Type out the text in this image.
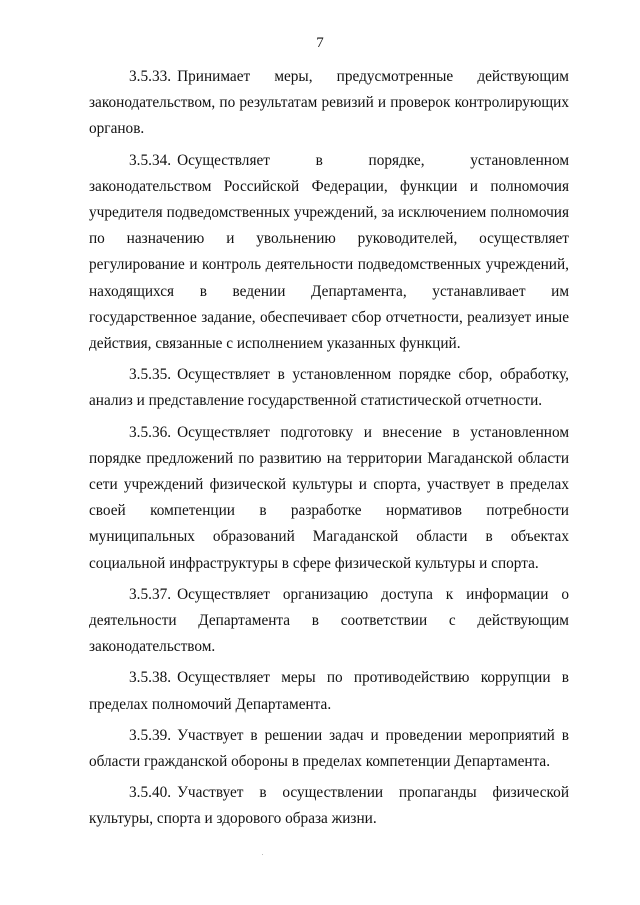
7

3.5.33. Принимает меры, предусмотренные действующим законодательством, по результатам ревизий и проверок контролирующих органов.

3.5.34. Осуществляет в порядке, установленном законодательством Российской Федерации, функции и полномочия учредителя подведомственных учреждений, за исключением полномочия по назначению и увольнению руководителей, осуществляет регулирование и контроль деятельности подведомственных учреждений, находящихся в ведении Департамента, устанавливает им государственное задание, обеспечивает сбор отчетности, реализует иные действия, связанные с исполнением указанных функций.

3.5.35. Осуществляет в установленном порядке сбор, обработку, анализ и представление государственной статистической отчетности.

3.5.36. Осуществляет подготовку и внесение в установленном порядке предложений по развитию на территории Магаданской области сети учреждений физической культуры и спорта, участвует в пределах своей компетенции в разработке нормативов потребности муниципальных образований Магаданской области в объектах социальной инфраструктуры в сфере физической культуры и спорта.

3.5.37. Осуществляет организацию доступа к информации о деятельности Департамента в соответствии с действующим законодательством.

3.5.38. Осуществляет меры по противодействию коррупции в пределах полномочий Департамента.

3.5.39. Участвует в решении задач и проведении мероприятий в области гражданской обороны в пределах компетенции Департамента.

3.5.40. Участвует в осуществлении пропаганды физической культуры, спорта и здорового образа жизни.
